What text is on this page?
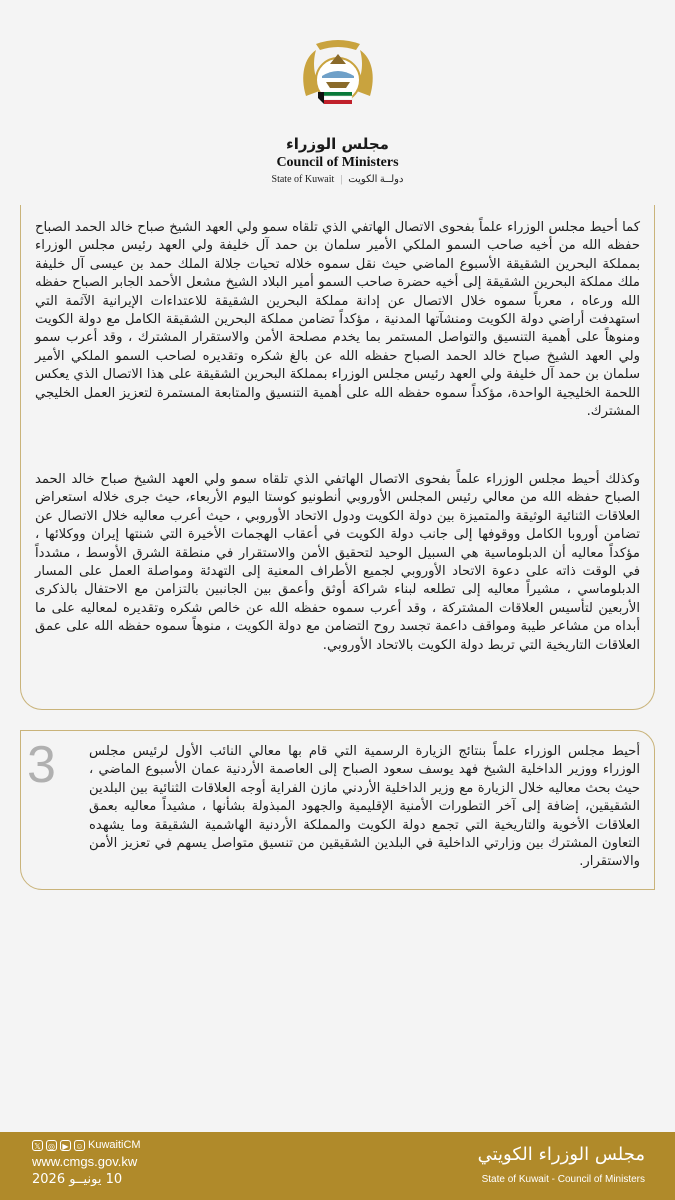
مجلس الوزراء
Council of Ministers
State of Kuwait | دولــة الكويت

كما أحيط مجلس الوزراء علماً بفحوى الاتصال الهاتفي الذي تلقاه سمو ولي العهد الشيخ صباح خالد الحمد الصباح حفظه الله من أخيه صاحب السمو الملكي الأمير سلمان بن حمد آل خليفة ولي العهد رئيس مجلس الوزراء بمملكة البحرين الشقيقة الأسبوع الماضي حيث نقل سموه خلاله تحيات جلالة الملك حمد بن عيسى آل خليفة ملك مملكة البحرين الشقيقة إلى أخيه حضرة صاحب السمو أمير البلاد الشيخ مشعل الأحمد الجابر الصباح حفظه الله ورعاه ، معرباً سموه خلال الاتصال عن إدانة مملكة البحرين الشقيقة للاعتداءات الإيرانية الآثمة التي استهدفت أراضي دولة الكويت ومنشآتها المدنية ، مؤكداً تضامن مملكة البحرين الشقيقة الكامل مع دولة الكويت ومنوهاً على أهمية التنسيق والتواصل المستمر بما يخدم مصلحة الأمن والاستقرار المشترك ، وقد أعرب سمو ولي العهد الشيخ صباح خالد الحمد الصباح حفظه الله عن بالغ شكره وتقديره لصاحب السمو الملكي الأمير سلمان بن حمد آل خليفة ولي العهد رئيس مجلس الوزراء بمملكة البحرين الشقيقة على هذا الاتصال الذي يعكس اللحمة الخليجية الواحدة، مؤكداً سموه حفظه الله على أهمية التنسيق والمتابعة المستمرة لتعزيز العمل الخليجي المشترك.

وكذلك أحيط مجلس الوزراء علماً بفحوى الاتصال الهاتفي الذي تلقاه سمو ولي العهد الشيخ صباح خالد الحمد الصباح حفظه الله من معالي رئيس المجلس الأوروبي أنطونيو كوستا اليوم الأربعاء، حيث جرى خلاله استعراض العلاقات الثنائية الوثيقة والمتميزة بين دولة الكويت ودول الاتحاد الأوروبي ، حيث أعرب معاليه خلال الاتصال عن تضامن أوروبا الكامل ووقوفها إلى جانب دولة الكويت في أعقاب الهجمات الأخيرة التي شنتها إيران ووكلائها ، مؤكداً معاليه أن الدبلوماسية هي السبيل الوحيد لتحقيق الأمن والاستقرار في منطقة الشرق الأوسط ، مشدداً في الوقت ذاته على دعوة الاتحاد الأوروبي لجميع الأطراف المعنية إلى التهدئة ومواصلة العمل على المسار الدبلوماسي ، مشيراً معاليه إلى تطلعه لبناء شراكة أوثق وأعمق بين الجانبين بالتزامن مع الاحتفال بالذكرى الأربعين لتأسيس العلاقات المشتركة ، وقد أعرب سموه حفظه الله عن خالص شكره وتقديره لمعاليه على ما أبداه من مشاعر طيبة ومواقف داعمة تجسد روح التضامن مع دولة الكويت ، منوهاً سموه حفظه الله على عمق العلاقات التاريخية التي تربط دولة الكويت بالاتحاد الأوروبي.

3	أحيط مجلس الوزراء علماً بنتائج الزيارة الرسمية التي قام بها معالي النائب الأول لرئيس مجلس الوزراء ووزير الداخلية الشيخ فهد يوسف سعود الصباح إلى العاصمة الأردنية عمان الأسبوع الماضي ، حيث بحث معاليه خلال الزيارة مع وزير الداخلية الأردني مازن الفراية أوجه العلاقات الثنائية بين البلدين الشقيقين، إضافة إلى آخر التطورات الأمنية الإقليمية والجهود المبذولة بشأنها ، مشيداً معاليه بعمق العلاقات الأخوية والتاريخية التي تجمع دولة الكويت والمملكة الأردنية الهاشمية الشقيقة وما يشهده التعاون المشترك بين وزارتي الداخلية في البلدين الشقيقين من تنسيق متواصل يسهم في تعزيز الأمن والاستقرار.

𝕏 ◎ ▶ ☺ KuwaitiCM
www.cmgs.gov.kw
10 يونيــو 2026
مجلس الوزراء الكويتي
State of Kuwait - Council of Ministers
